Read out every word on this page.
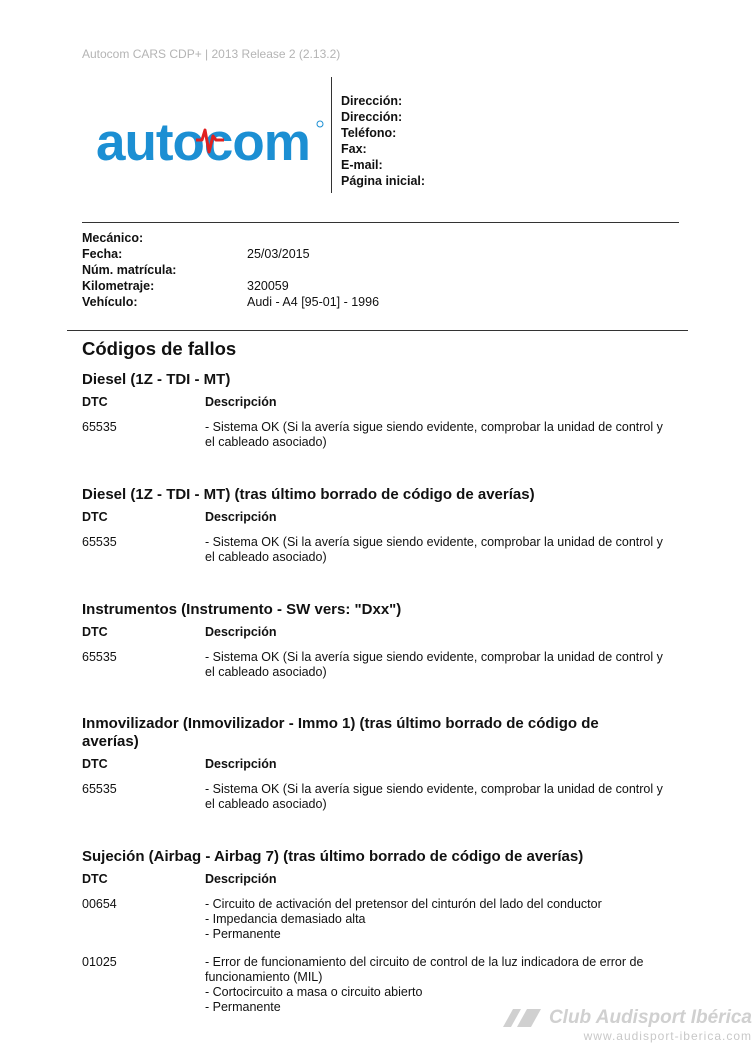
Autocom CARS CDP+ | 2013 Release 2 (2.13.2)
autocom
Dirección:
Dirección:
Teléfono:
Fax:
E-mail:
Página inicial:
Mecánico:
Fecha:	25/03/2015
Núm. matrícula:
Kilometraje:	320059
Vehículo:	Audi - A4 [95-01] - 1996
Códigos de fallos
Diesel (1Z - TDI - MT)
DTC	Descripción
65535	- Sistema OK (Si la avería sigue siendo evidente, comprobar la unidad de control y el cableado asociado)
Diesel (1Z - TDI - MT) (tras último borrado de código de averías)
DTC	Descripción
65535	- Sistema OK (Si la avería sigue siendo evidente, comprobar la unidad de control y el cableado asociado)
Instrumentos (Instrumento - SW vers: "Dxx")
DTC	Descripción
65535	- Sistema OK (Si la avería sigue siendo evidente, comprobar la unidad de control y el cableado asociado)
Inmovilizador (Inmovilizador - Immo 1) (tras último borrado de código de averías)
DTC	Descripción
65535	- Sistema OK (Si la avería sigue siendo evidente, comprobar la unidad de control y el cableado asociado)
Sujeción (Airbag - Airbag 7) (tras último borrado de código de averías)
DTC	Descripción
00654	- Circuito de activación del pretensor del cinturón del lado del conductor
- Impedancia demasiado alta
- Permanente
01025	- Error de funcionamiento del circuito de control de la luz indicadora de error de funcionamiento (MIL)
- Cortocircuito a masa o circuito abierto
- Permanente	Club Audisport Ibérica
www.audisport-iberica.com
